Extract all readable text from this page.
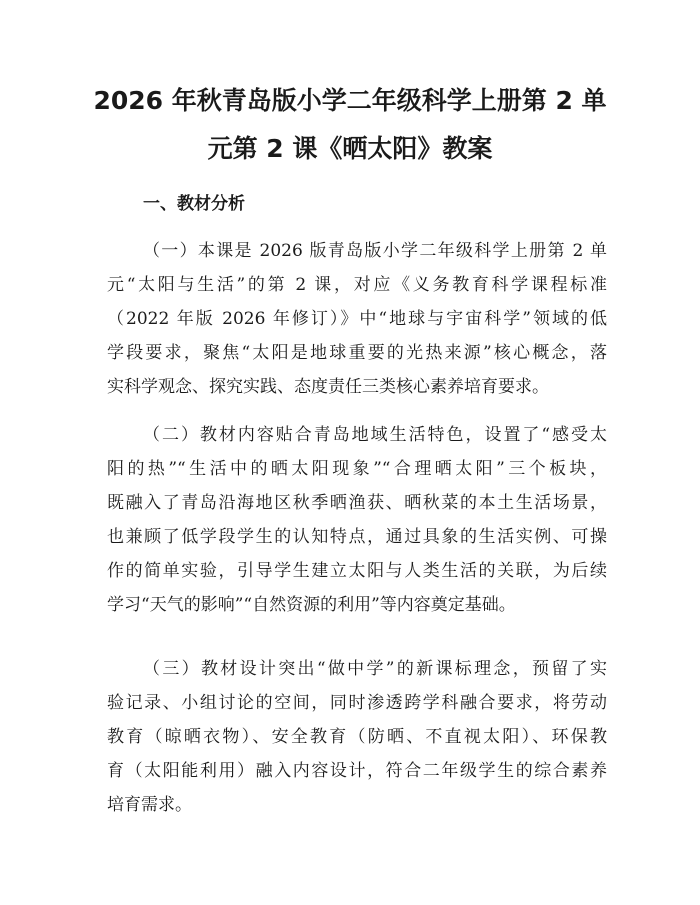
2026 年秋青岛版小学二年级科学上册第 2 单
元第 2 课《晒太阳》教案
一、教材分析

（一）本课是 2026 版青岛版小学二年级科学上册第 2 单
元“太阳与生活”的第 2 课，对应《义务教育科学课程标准
（2022 年版 2026 年修订）》中“地球与宇宙科学”领域的低
学段要求，聚焦“太阳是地球重要的光热来源”核心概念，落
实科学观念、探究实践、态度责任三类核心素养培育要求。

（二）教材内容贴合青岛地域生活特色，设置了“感受太
阳的热”“生活中的晒太阳现象”“合理晒太阳”三个板块，
既融入了青岛沿海地区秋季晒渔获、晒秋菜的本土生活场景，
也兼顾了低学段学生的认知特点，通过具象的生活实例、可操
作的简单实验，引导学生建立太阳与人类生活的关联，为后续
学习“天气的影响”“自然资源的利用”等内容奠定基础。

（三）教材设计突出“做中学”的新课标理念，预留了实
验记录、小组讨论的空间，同时渗透跨学科融合要求，将劳动
教育（晾晒衣物）、安全教育（防晒、不直视太阳）、环保教
育（太阳能利用）融入内容设计，符合二年级学生的综合素养
培育需求。
